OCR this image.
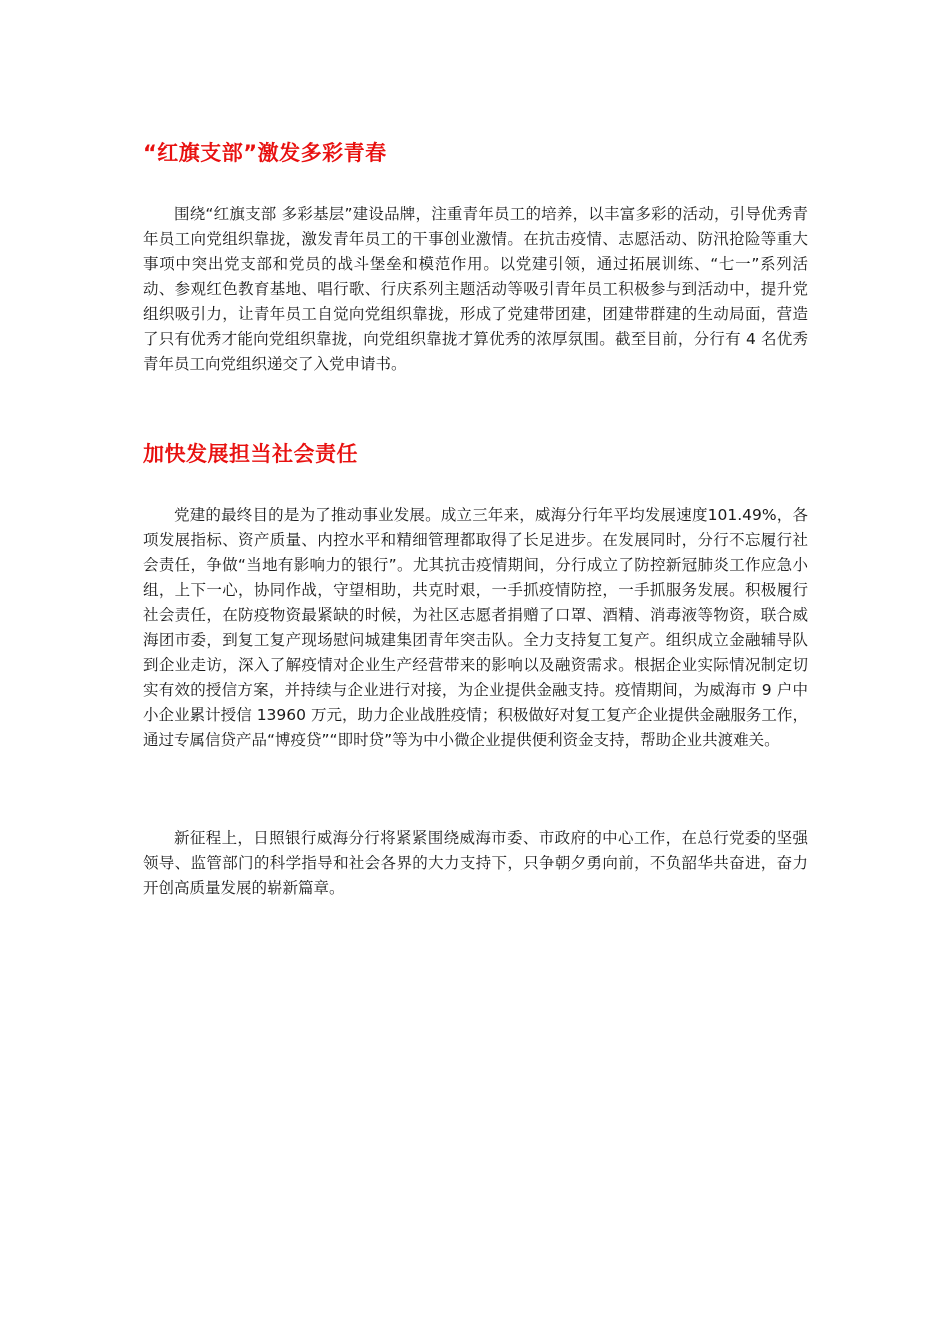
“红旗支部”激发多彩青春

围绕“红旗支部 多彩基层”建设品牌，注重青年员工的培养，以丰富多彩的活动，引导优秀青年员工向党组织靠拢，激发青年员工的干事创业激情。在抗击疫情、志愿活动、防汛抢险等重大事项中突出党支部和党员的战斗堡垒和模范作用。以党建引领，通过拓展训练、“七一”系列活动、参观红色教育基地、唱行歌、行庆系列主题活动等吸引青年员工积极参与到活动中，提升党组织吸引力，让青年员工自觉向党组织靠拢，形成了党建带团建，团建带群建的生动局面，营造了只有优秀才能向党组织靠拢，向党组织靠拢才算优秀的浓厚氛围。截至目前，分行有 4 名优秀青年员工向党组织递交了入党申请书。

加快发展担当社会责任

党建的最终目的是为了推动事业发展。成立三年来，威海分行年平均发展速度101.49%，各项发展指标、资产质量、内控水平和精细管理都取得了长足进步。在发展同时，分行不忘履行社会责任，争做“当地有影响力的银行”。尤其抗击疫情期间，分行成立了防控新冠肺炎工作应急小组，上下一心，协同作战，守望相助，共克时艰，一手抓疫情防控，一手抓服务发展。积极履行社会责任，在防疫物资最紧缺的时候，为社区志愿者捐赠了口罩、酒精、消毒液等物资，联合威海团市委，到复工复产现场慰问城建集团青年突击队。全力支持复工复产。组织成立金融辅导队到企业走访，深入了解疫情对企业生产经营带来的影响以及融资需求。根据企业实际情况制定切实有效的授信方案，并持续与企业进行对接，为企业提供金融支持。疫情期间，为威海市 9 户中小企业累计授信 13960 万元，助力企业战胜疫情；积极做好对复工复产企业提供金融服务工作，通过专属信贷产品“博疫贷”“即时贷”等为中小微企业提供便利资金支持，帮助企业共渡难关。

新征程上，日照银行威海分行将紧紧围绕威海市委、市政府的中心工作，在总行党委的坚强领导、监管部门的科学指导和社会各界的大力支持下，只争朝夕勇向前，不负韶华共奋进，奋力开创高质量发展的崭新篇章。
